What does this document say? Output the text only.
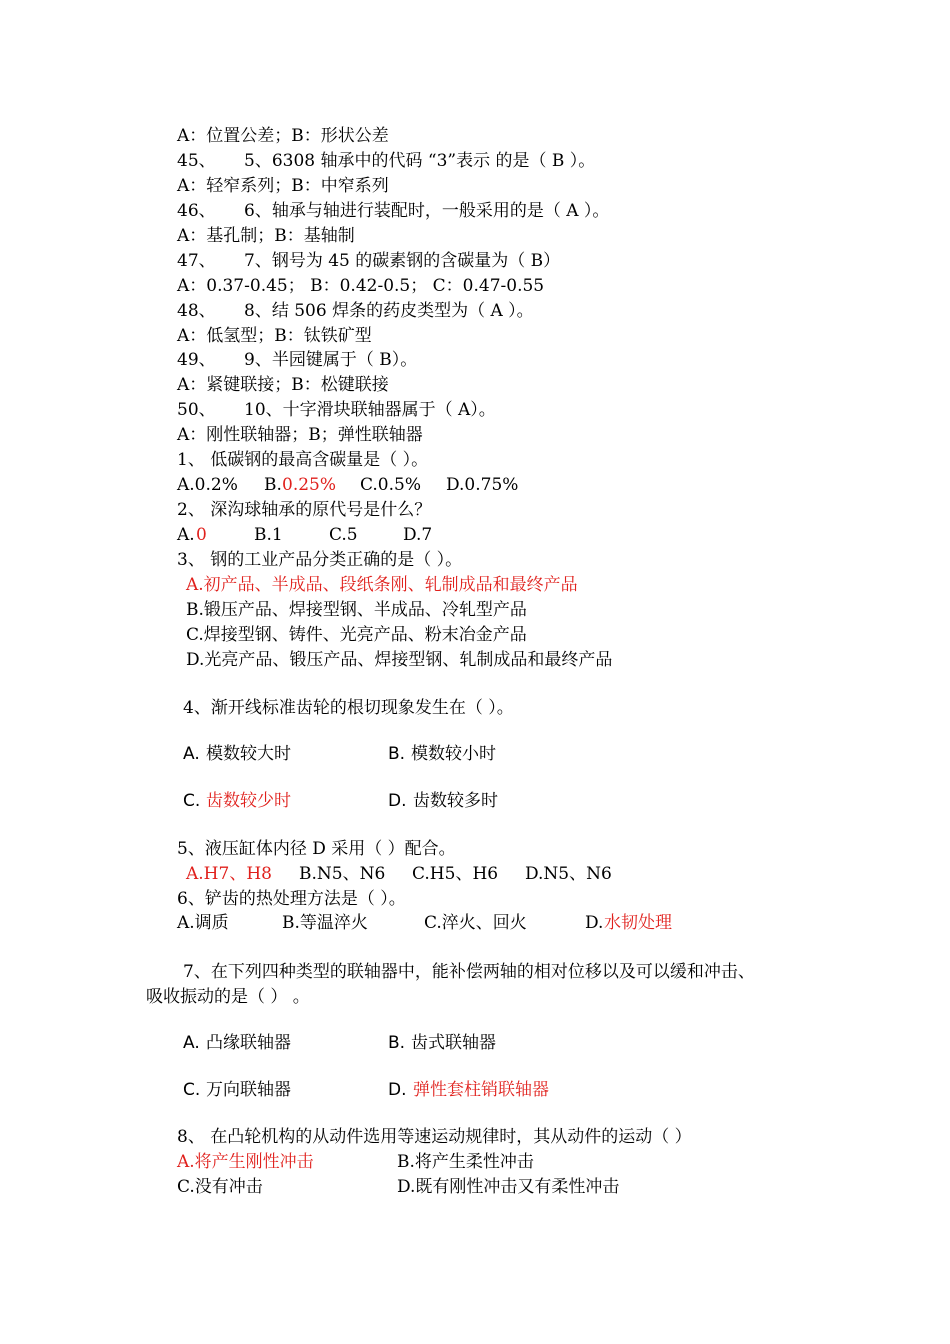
A：位置公差；B：形状公差
45、 5、6308 轴承中的代码 “3”表示 的是（ B ）。
A：轻窄系列；B：中窄系列
46、 6、轴承与轴进行装配时，一般采用的是（ A ）。
A：基孔制；B：基轴制
47、 7、钢号为 45 的碳素钢的含碳量为（ B）
A：0.37-0.45； B：0.42-0.5； C：0.47-0.55
48、 8、结 506 焊条的药皮类型为（ A ）。
A：低氢型；B：钛铁矿型
49、 9、半园键属于（ B）。
A：紧键联接；B：松键联接
50、 10、十字滑块联轴器属于（ A）。
A：刚性联轴器；B；弹性联轴器
1、 低碳钢的最高含碳量是（ ）。
A.0.2% B. 0.25% C.0.5% D.0.75%
2、 深沟球轴承的原代号是什么？
A. 0	B.1	C.5	D.7
3、 钢的工业产品分类正确的是（ ）。
A.初产品、半成品、段纸条刚、轧制成品和最终产品
B.锻压产品、焊接型钢、半成品、冷轧型产品
C.焊接型钢、铸件、光亮产品、粉末冶金产品
D.光亮产品、锻压产品、焊接型钢、轧制成品和最终产品
4、渐开线标准齿轮的根切现象发生在（ ）。
A. 模数较大时	B. 模数较小时
C. 齿数较少时	D. 齿数较多时
5、液压缸体内径 D 采用（ ）配合。
A.H7、H8 B.N5、N6 C.H5、H6 D.N5、N6
6、铲齿的热处理方法是（ ）。
A.调质	B.等温淬火	C.淬火、回火	D. 水韧处理
7、在下列四种类型的联轴器中，能补偿两轴的相对位移以及可以缓和冲击、
吸收振动的是（ ） 。
A. 凸缘联轴器	B. 齿式联轴器
C. 万向联轴器	D. 弹性套柱销联轴器
8、 在凸轮机构的从动件选用等速运动规律时，其从动件的运动（ ）
A.将产生刚性冲击	B.将产生柔性冲击
C.没有冲击	D.既有刚性冲击又有柔性冲击
